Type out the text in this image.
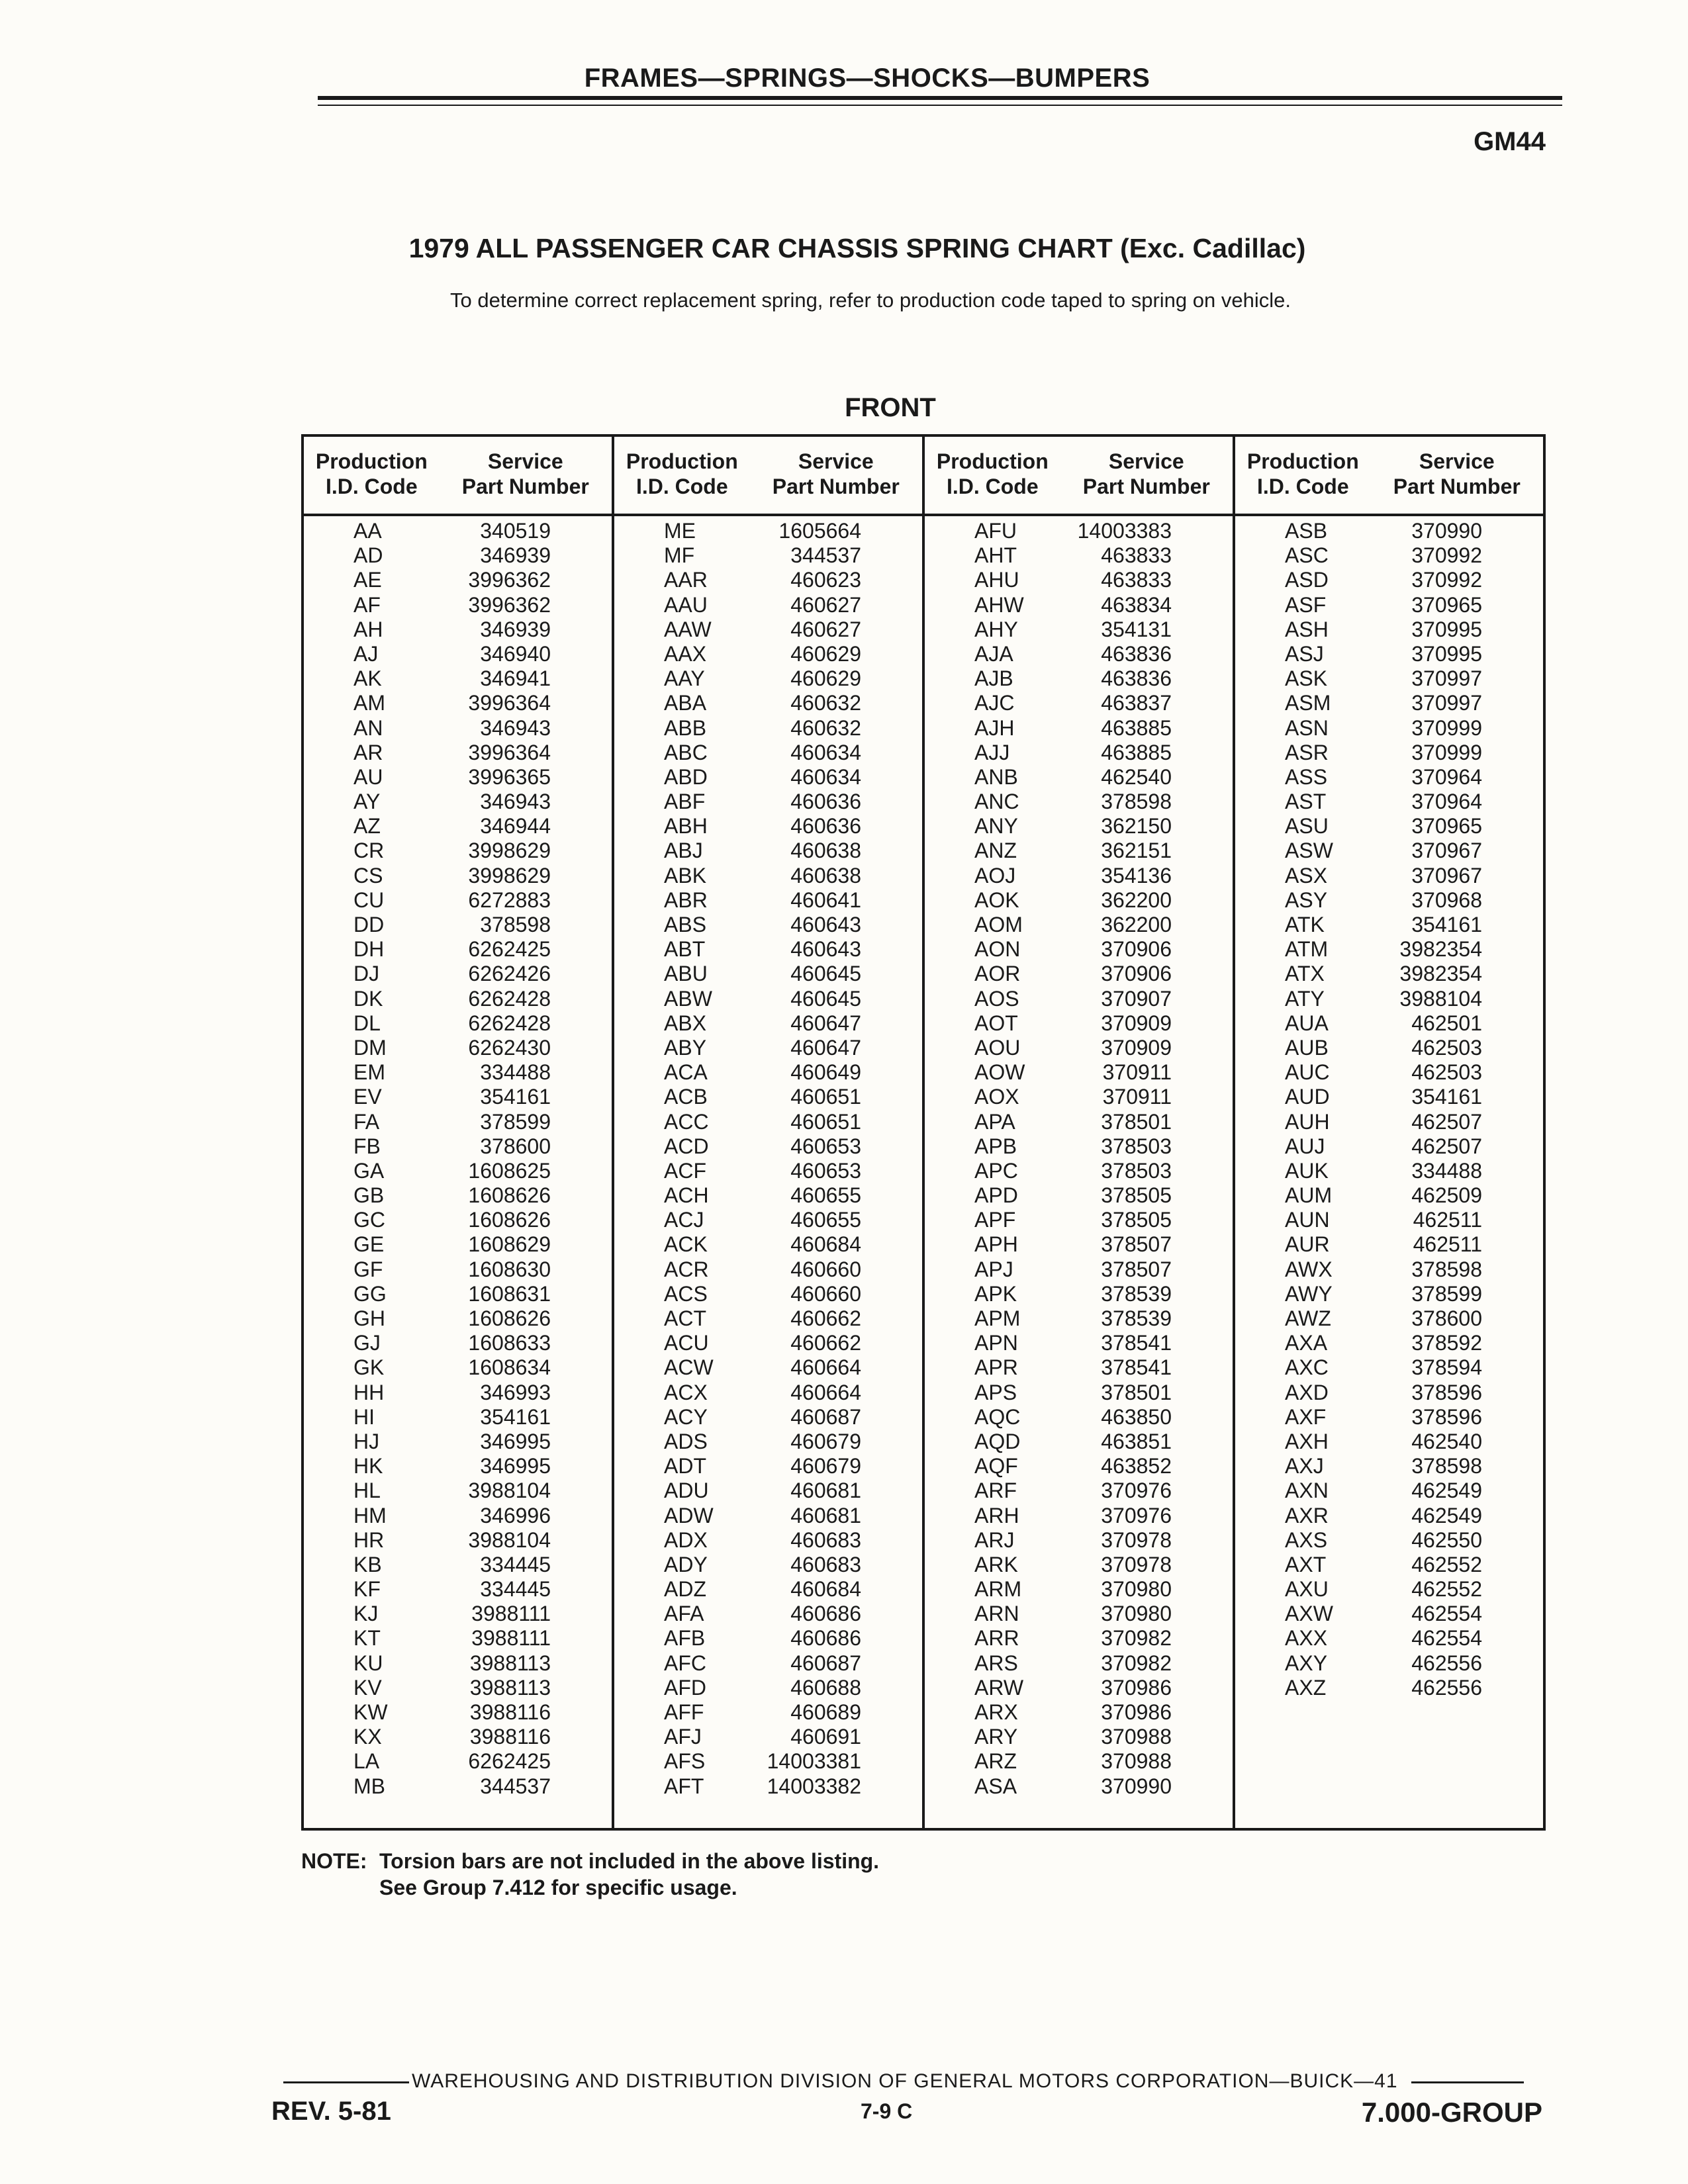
FRAMES—SPRINGS—SHOCKS—BUMPERS
GM44
1979 ALL PASSENGER CAR CHASSIS SPRING CHART (Exc. Cadillac)
To determine correct replacement spring, refer to production code taped to spring on vehicle.
FRONT
Production
I.D. Code
Service
Part Number
AA	340519
AD	346939
AE	3996362
AF	3996362
AH	346939
AJ	346940
AK	346941
AM	3996364
AN	346943
AR	3996364
AU	3996365
AY	346943
AZ	346944
CR	3998629
CS	3998629
CU	6272883
DD	378598
DH	6262425
DJ	6262426
DK	6262428
DL	6262428
DM	6262430
EM	334488
EV	354161
FA	378599
FB	378600
GA	1608625
GB	1608626
GC	1608626
GE	1608629
GF	1608630
GG	1608631
GH	1608626
GJ	1608633
GK	1608634
HH	346993
HI	354161
HJ	346995
HK	346995
HL	3988104
HM	346996
HR	3988104
KB	334445
KF	334445
KJ	3988111
KT	3988111
KU	3988113
KV	3988113
KW	3988116
KX	3988116
LA	6262425
MB	344537
Production
I.D. Code
Service
Part Number
ME	1605664
MF	344537
AAR	460623
AAU	460627
AAW	460627
AAX	460629
AAY	460629
ABA	460632
ABB	460632
ABC	460634
ABD	460634
ABF	460636
ABH	460636
ABJ	460638
ABK	460638
ABR	460641
ABS	460643
ABT	460643
ABU	460645
ABW	460645
ABX	460647
ABY	460647
ACA	460649
ACB	460651
ACC	460651
ACD	460653
ACF	460653
ACH	460655
ACJ	460655
ACK	460684
ACR	460660
ACS	460660
ACT	460662
ACU	460662
ACW	460664
ACX	460664
ACY	460687
ADS	460679
ADT	460679
ADU	460681
ADW	460681
ADX	460683
ADY	460683
ADZ	460684
AFA	460686
AFB	460686
AFC	460687
AFD	460688
AFF	460689
AFJ	460691
AFS	14003381
AFT	14003382
Production
I.D. Code
Service
Part Number
AFU	14003383
AHT	463833
AHU	463833
AHW	463834
AHY	354131
AJA	463836
AJB	463836
AJC	463837
AJH	463885
AJJ	463885
ANB	462540
ANC	378598
ANY	362150
ANZ	362151
AOJ	354136
AOK	362200
AOM	362200
AON	370906
AOR	370906
AOS	370907
AOT	370909
AOU	370909
AOW	370911
AOX	370911
APA	378501
APB	378503
APC	378503
APD	378505
APF	378505
APH	378507
APJ	378507
APK	378539
APM	378539
APN	378541
APR	378541
APS	378501
AQC	463850
AQD	463851
AQF	463852
ARF	370976
ARH	370976
ARJ	370978
ARK	370978
ARM	370980
ARN	370980
ARR	370982
ARS	370982
ARW	370986
ARX	370986
ARY	370988
ARZ	370988
ASA	370990
Production
I.D. Code
Service
Part Number
ASB	370990
ASC	370992
ASD	370992
ASF	370965
ASH	370995
ASJ	370995
ASK	370997
ASM	370997
ASN	370999
ASR	370999
ASS	370964
AST	370964
ASU	370965
ASW	370967
ASX	370967
ASY	370968
ATK	354161
ATM	3982354
ATX	3982354
ATY	3988104
AUA	462501
AUB	462503
AUC	462503
AUD	354161
AUH	462507
AUJ	462507
AUK	334488
AUM	462509
AUN	462511
AUR	462511
AWX	378598
AWY	378599
AWZ	378600
AXA	378592
AXC	378594
AXD	378596
AXF	378596
AXH	462540
AXJ	378598
AXN	462549
AXR	462549
AXS	462550
AXT	462552
AXU	462552
AXW	462554
AXX	462554
AXY	462556
AXZ	462556
NOTE: Torsion bars are not included in the above listing.
See Group 7.412 for specific usage.
WAREHOUSING AND DISTRIBUTION DIVISION OF GENERAL MOTORS CORPORATION—BUICK—41
REV. 5-81	7-9 C	7.000-GROUP
